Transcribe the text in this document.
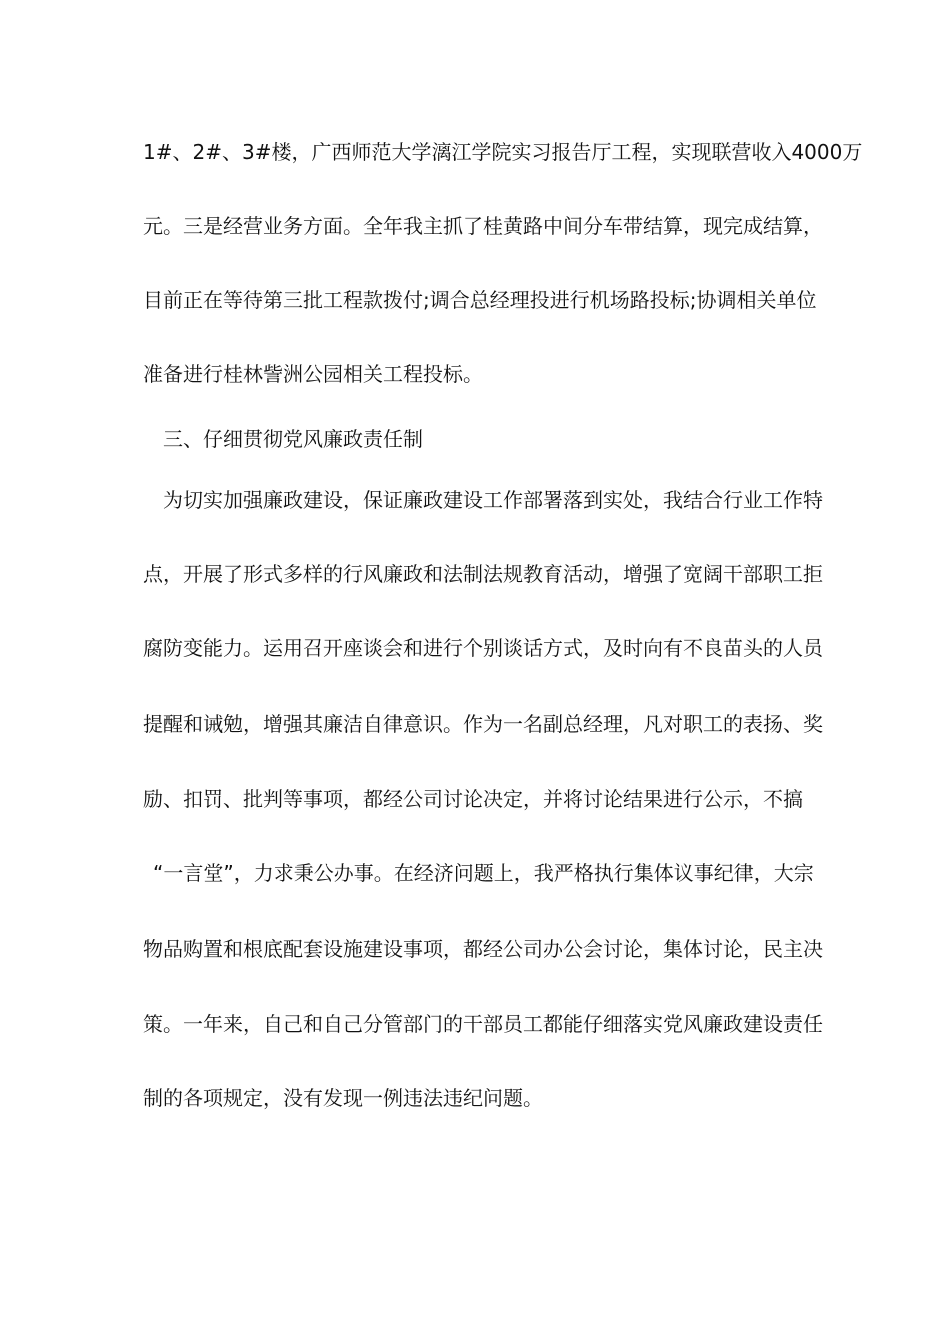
1#、2#、3#楼，广西师范大学漓江学院实习报告厅工程，实现联营收入4000万
元。三是经营业务方面。全年我主抓了桂黄路中间分车带结算，现完成结算，
目前正在等待第三批工程款拨付;调合总经理投进行机场路投标;协调相关单位
准备进行桂林訾洲公园相关工程投标。
三、仔细贯彻党风廉政责任制
为切实加强廉政建设，保证廉政建设工作部署落到实处，我结合行业工作特
点，开展了形式多样的行风廉政和法制法规教育活动，增强了宽阔干部职工拒
腐防变能力。运用召开座谈会和进行个别谈话方式，及时向有不良苗头的人员
提醒和诫勉，增强其廉洁自律意识。作为一名副总经理，凡对职工的表扬、奖
励、扣罚、批判等事项，都经公司讨论决定，并将讨论结果进行公示，不搞
“一言堂”，力求秉公办事。在经济问题上，我严格执行集体议事纪律，大宗
物品购置和根底配套设施建设事项，都经公司办公会讨论，集体讨论，民主决
策。一年来，自己和自己分管部门的干部员工都能仔细落实党风廉政建设责任
制的各项规定，没有发现一例违法违纪问题。
